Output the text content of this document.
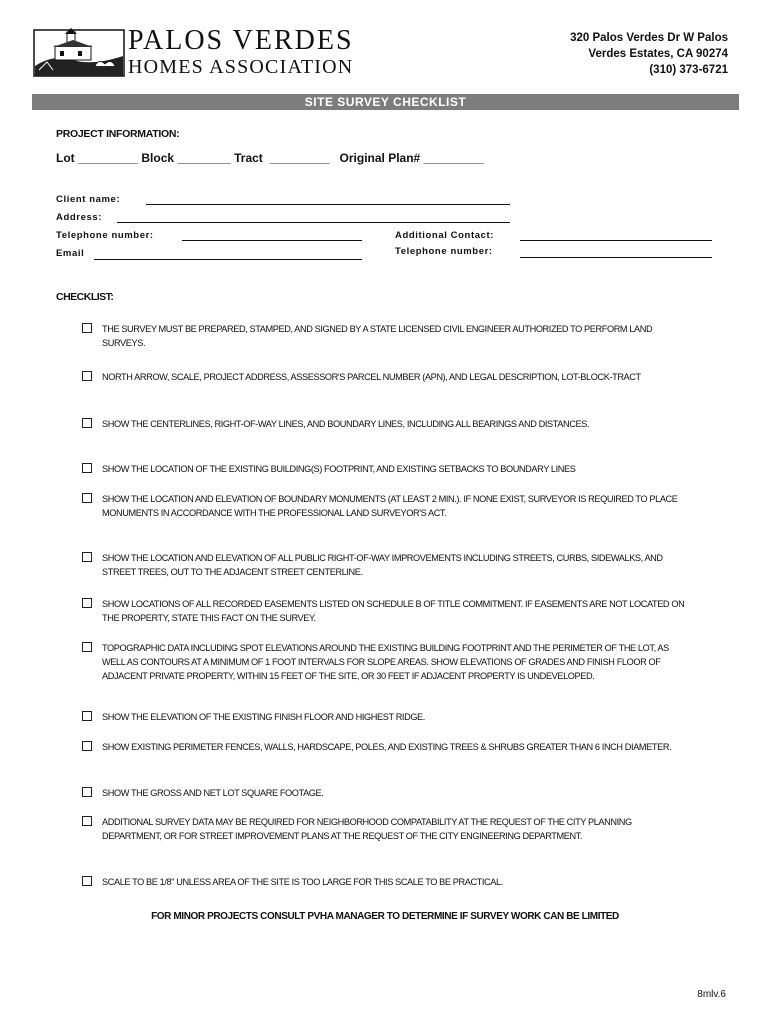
PALOS VERDES
HOMES ASSOCIATION
320 Palos Verdes Dr W Palos
Verdes Estates, CA 90274
(310) 373-6721
SITE SURVEY CHECKLIST
PROJECT INFORMATION:
Lot _________ Block ________ Tract  _________   Original Plan# _________
Client name:
Address:
Telephone number:
Email
Additional Contact:
Telephone number:
CHECKLIST:
THE SURVEY MUST BE PREPARED, STAMPED, AND SIGNED BY A STATE LICENSED CIVIL ENGINEER AUTHORIZED TO PERFORM LAND SURVEYS.
NORTH ARROW, SCALE, PROJECT ADDRESS, ASSESSOR'S PARCEL NUMBER (APN), AND LEGAL DESCRIPTION, LOT-BLOCK-TRACT
SHOW THE CENTERLINES, RIGHT-OF-WAY LINES, AND BOUNDARY LINES, INCLUDING ALL BEARINGS AND DISTANCES.
SHOW THE LOCATION OF THE EXISTING BUILDING(S) FOOTPRINT, AND EXISTING SETBACKS TO BOUNDARY LINES
SHOW THE LOCATION AND ELEVATION OF BOUNDARY MONUMENTS (AT LEAST 2 MIN.). IF NONE EXIST, SURVEYOR IS REQUIRED TO PLACE MONUMENTS IN ACCORDANCE WITH THE PROFESSIONAL LAND SURVEYOR'S ACT.
SHOW THE LOCATION AND ELEVATION OF ALL PUBLIC RIGHT-OF-WAY IMPROVEMENTS INCLUDING STREETS, CURBS, SIDEWALKS, AND STREET TREES, OUT TO THE ADJACENT STREET CENTERLINE.
SHOW LOCATIONS OF ALL RECORDED EASEMENTS LISTED ON SCHEDULE B OF TITLE COMMITMENT. IF EASEMENTS ARE NOT LOCATED ON THE PROPERTY, STATE THIS FACT ON THE SURVEY.
TOPOGRAPHIC DATA INCLUDING SPOT ELEVATIONS AROUND THE EXISTING BUILDING FOOTPRINT AND THE PERIMETER OF THE LOT, AS WELL AS CONTOURS AT A MINIMUM OF 1 FOOT INTERVALS FOR SLOPE AREAS. SHOW ELEVATIONS OF GRADES AND FINISH FLOOR OF ADJACENT PRIVATE PROPERTY, WITHIN 15 FEET OF THE SITE, OR 30 FEET IF ADJACENT PROPERTY IS UNDEVELOPED.
SHOW THE ELEVATION OF THE EXISTING FINISH FLOOR AND HIGHEST RIDGE.
SHOW EXISTING PERIMETER FENCES, WALLS, HARDSCAPE, POLES, AND EXISTING TREES & SHRUBS GREATER THAN 6 INCH DIAMETER.
SHOW THE GROSS AND NET LOT SQUARE FOOTAGE.
ADDITIONAL SURVEY DATA MAY BE REQUIRED FOR NEIGHBORHOOD COMPATABILITY AT THE REQUEST OF THE CITY PLANNING DEPARTMENT, OR FOR STREET IMPROVEMENT PLANS AT THE REQUEST OF THE CITY ENGINEERING DEPARTMENT.
SCALE TO BE 1/8" UNLESS AREA OF THE SITE IS TOO LARGE FOR THIS SCALE TO BE PRACTICAL.
FOR MINOR PROJECTS CONSULT PVHA MANAGER TO DETERMINE IF SURVEY WORK CAN BE LIMITED
8mlv.6
